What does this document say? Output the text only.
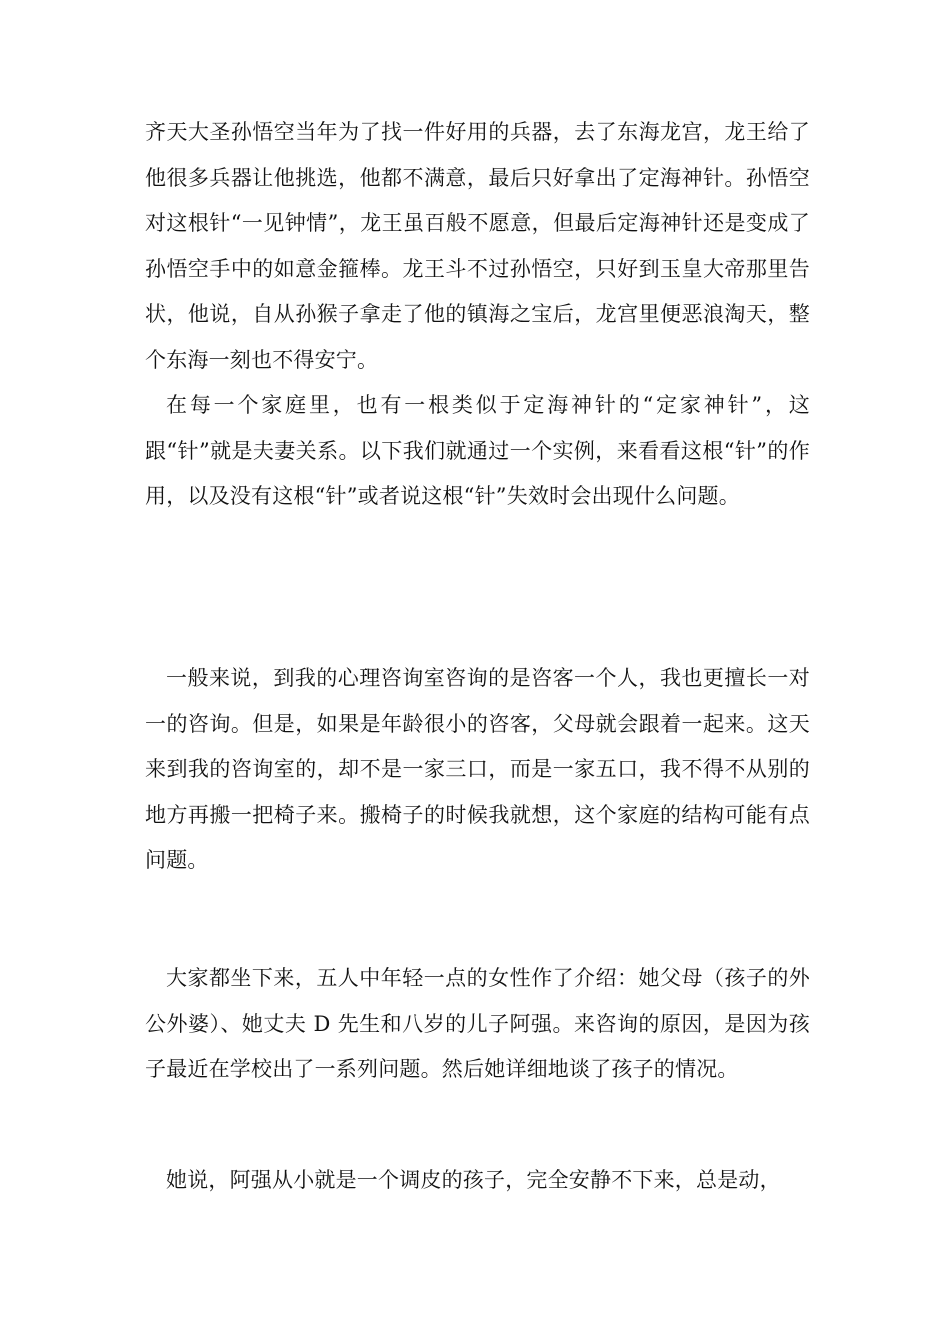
齐天大圣孙悟空当年为了找一件好用的兵器，去了东海龙宫，龙王给了他很多兵器让他挑选，他都不满意，最后只好拿出了定海神针。孙悟空对这根针“一见钟情”，龙王虽百般不愿意，但最后定海神针还是变成了孙悟空手中的如意金箍棒。龙王斗不过孙悟空，只好到玉皇大帝那里告状，他说，自从孙猴子拿走了他的镇海之宝后，龙宫里便恶浪淘天，整个东海一刻也不得安宁。

在每一个家庭里，也有一根类似于定海神针的“定家神针”，这跟“针”就是夫妻关系。以下我们就通过一个实例，来看看这根“针”的作用，以及没有这根“针”或者说这根“针”失效时会出现什么问题。

一般来说，到我的心理咨询室咨询的是咨客一个人，我也更擅长一对一的咨询。但是，如果是年龄很小的咨客，父母就会跟着一起来。这天来到我的咨询室的，却不是一家三口，而是一家五口，我不得不从别的地方再搬一把椅子来。搬椅子的时候我就想，这个家庭的结构可能有点问题。

大家都坐下来，五人中年轻一点的女性作了介绍：她父母（孩子的外公外婆）、她丈夫 D 先生和八岁的儿子阿强。来咨询的原因，是因为孩子最近在学校出了一系列问题。然后她详细地谈了孩子的情况。

她说，阿强从小就是一个调皮的孩子，完全安静不下来，总是动，
